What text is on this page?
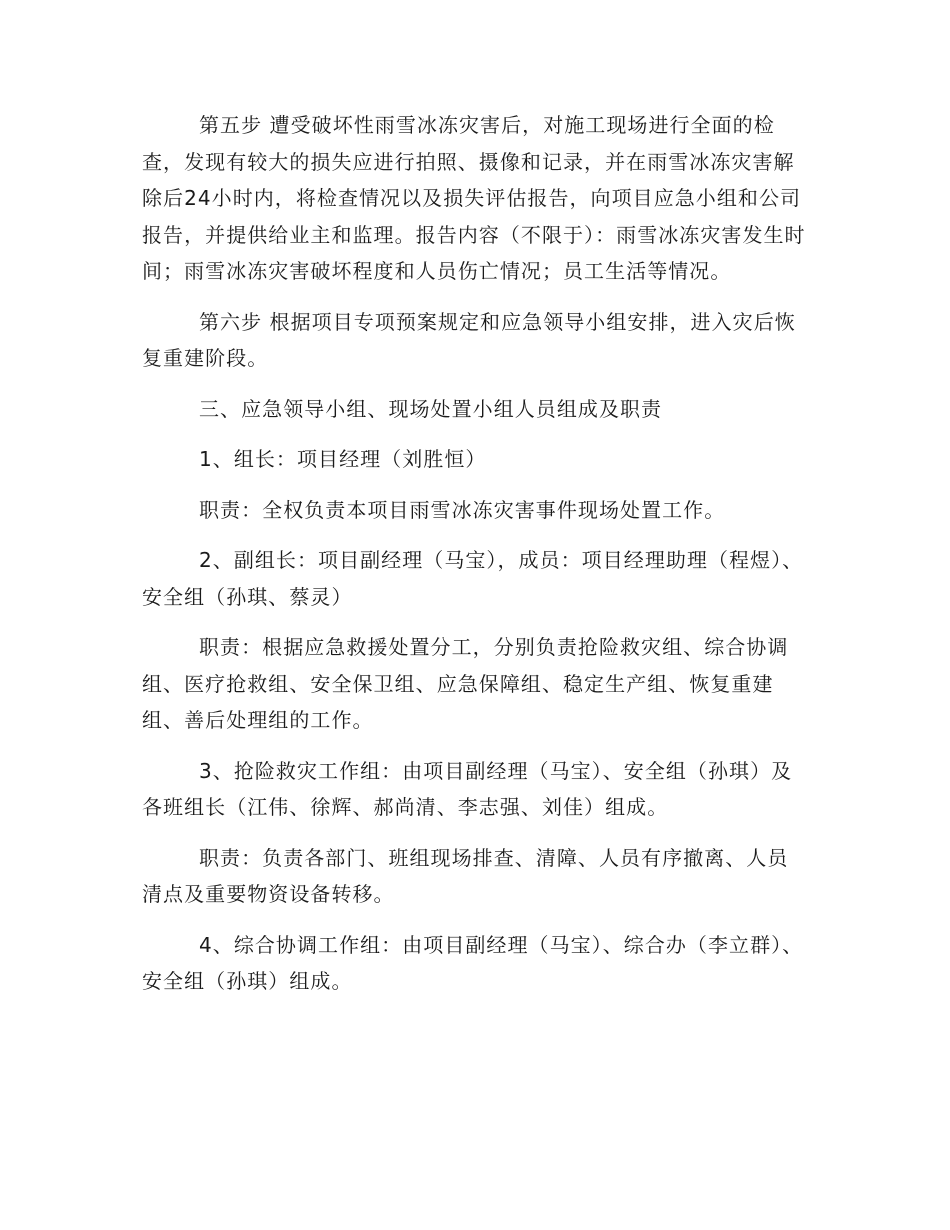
第五步 遭受破坏性雨雪冰冻灾害后，对施工现场进行全面的检查，发现有较大的损失应进行拍照、摄像和记录，并在雨雪冰冻灾害解除后24小时内，将检查情况以及损失评估报告，向项目应急小组和公司报告，并提供给业主和监理。报告内容（不限于）：雨雪冰冻灾害发生时间；雨雪冰冻灾害破坏程度和人员伤亡情况；员工生活等情况。

第六步 根据项目专项预案规定和应急领导小组安排，进入灾后恢复重建阶段。

三、应急领导小组、现场处置小组人员组成及职责

1、组长：项目经理（刘胜恒）

职责：全权负责本项目雨雪冰冻灾害事件现场处置工作。

2、副组长：项目副经理（马宝），成员：项目经理助理（程煜）、安全组（孙琪、蔡灵）

职责：根据应急救援处置分工，分别负责抢险救灾组、综合协调组、医疗抢救组、安全保卫组、应急保障组、稳定生产组、恢复重建组、善后处理组的工作。

3、抢险救灾工作组：由项目副经理（马宝）、安全组（孙琪）及各班组长（江伟、徐辉、郝尚清、李志强、刘佳）组成。

职责：负责各部门、班组现场排查、清障、人员有序撤离、人员清点及重要物资设备转移。

4、综合协调工作组：由项目副经理（马宝）、综合办（李立群）、安全组（孙琪）组成。
